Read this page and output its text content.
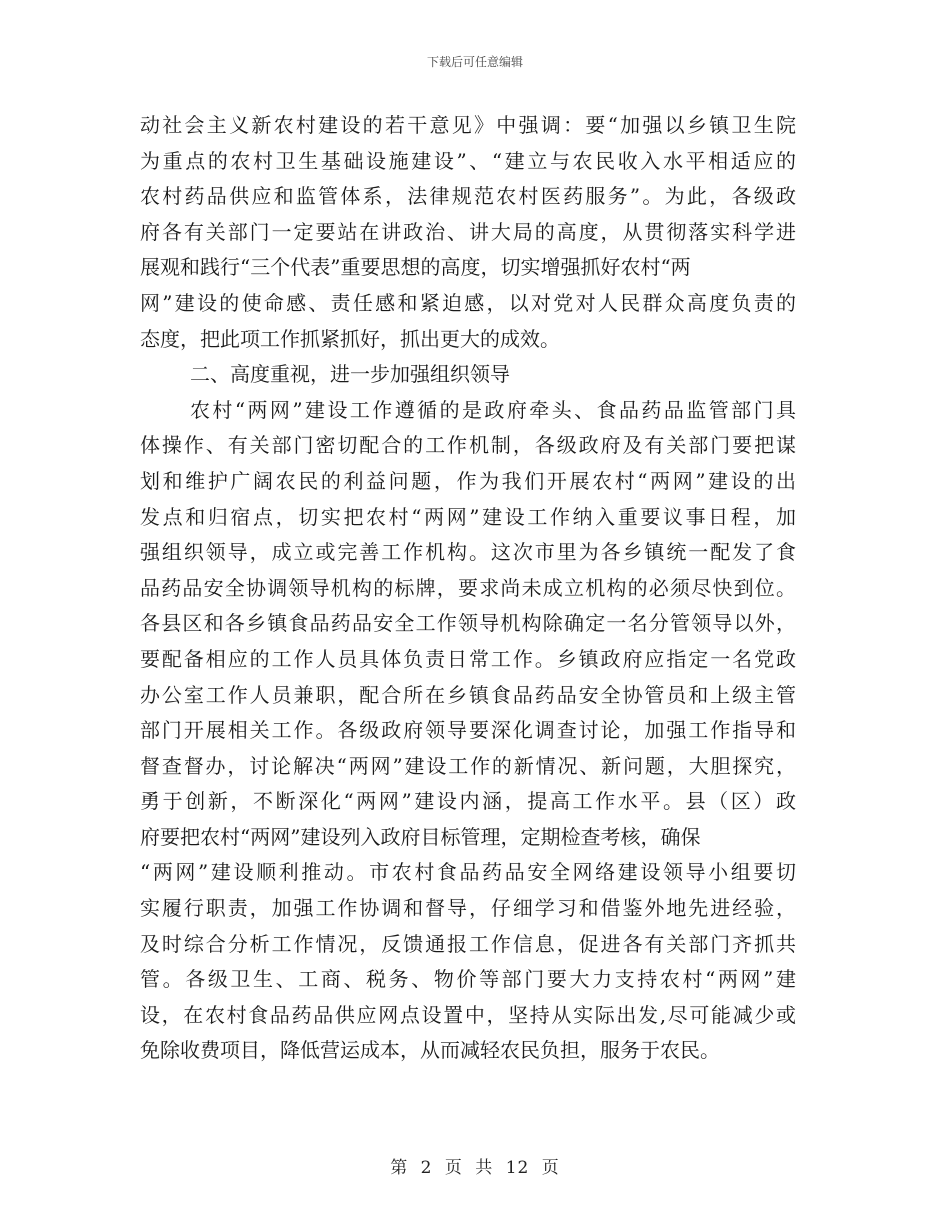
下载后可任意编辑
动社会主义新农村建设的若干意见》中强调：要“加强以乡镇卫生院
为重点的农村卫生基础设施建设”、“建立与农民收入水平相适应的
农村药品供应和监管体系，法律规范农村医药服务”。为此，各级政
府各有关部门一定要站在讲政治、讲大局的高度，从贯彻落实科学进
展观和践行“三个代表”重要思想的高度，切实增强抓好农村“两
网”建设的使命感、责任感和紧迫感，以对党对人民群众高度负责的
态度，把此项工作抓紧抓好，抓出更大的成效。
二、高度重视，进一步加强组织领导
农村“两网”建设工作遵循的是政府牵头、食品药品监管部门具
体操作、有关部门密切配合的工作机制，各级政府及有关部门要把谋
划和维护广阔农民的利益问题，作为我们开展农村“两网”建设的出
发点和归宿点，切实把农村“两网”建设工作纳入重要议事日程，加
强组织领导，成立或完善工作机构。这次市里为各乡镇统一配发了食
品药品安全协调领导机构的标牌，要求尚未成立机构的必须尽快到位。
各县区和各乡镇食品药品安全工作领导机构除确定一名分管领导以外，
要配备相应的工作人员具体负责日常工作。乡镇政府应指定一名党政
办公室工作人员兼职，配合所在乡镇食品药品安全协管员和上级主管
部门开展相关工作。各级政府领导要深化调查讨论，加强工作指导和
督查督办，讨论解决“两网”建设工作的新情况、新问题，大胆探究，
勇于创新，不断深化“两网”建设内涵，提高工作水平。县（区）政
府要把农村“两网”建设列入政府目标管理，定期检查考核，确保
“两网”建设顺利推动。市农村食品药品安全网络建设领导小组要切
实履行职责，加强工作协调和督导，仔细学习和借鉴外地先进经验，
及时综合分析工作情况，反馈通报工作信息，促进各有关部门齐抓共
管。各级卫生、工商、税务、物价等部门要大力支持农村“两网”建
设，在农村食品药品供应网点设置中，坚持从实际出发,尽可能减少或
免除收费项目，降低营运成本，从而减轻农民负担，服务于农民。
第 2 页 共 12 页
